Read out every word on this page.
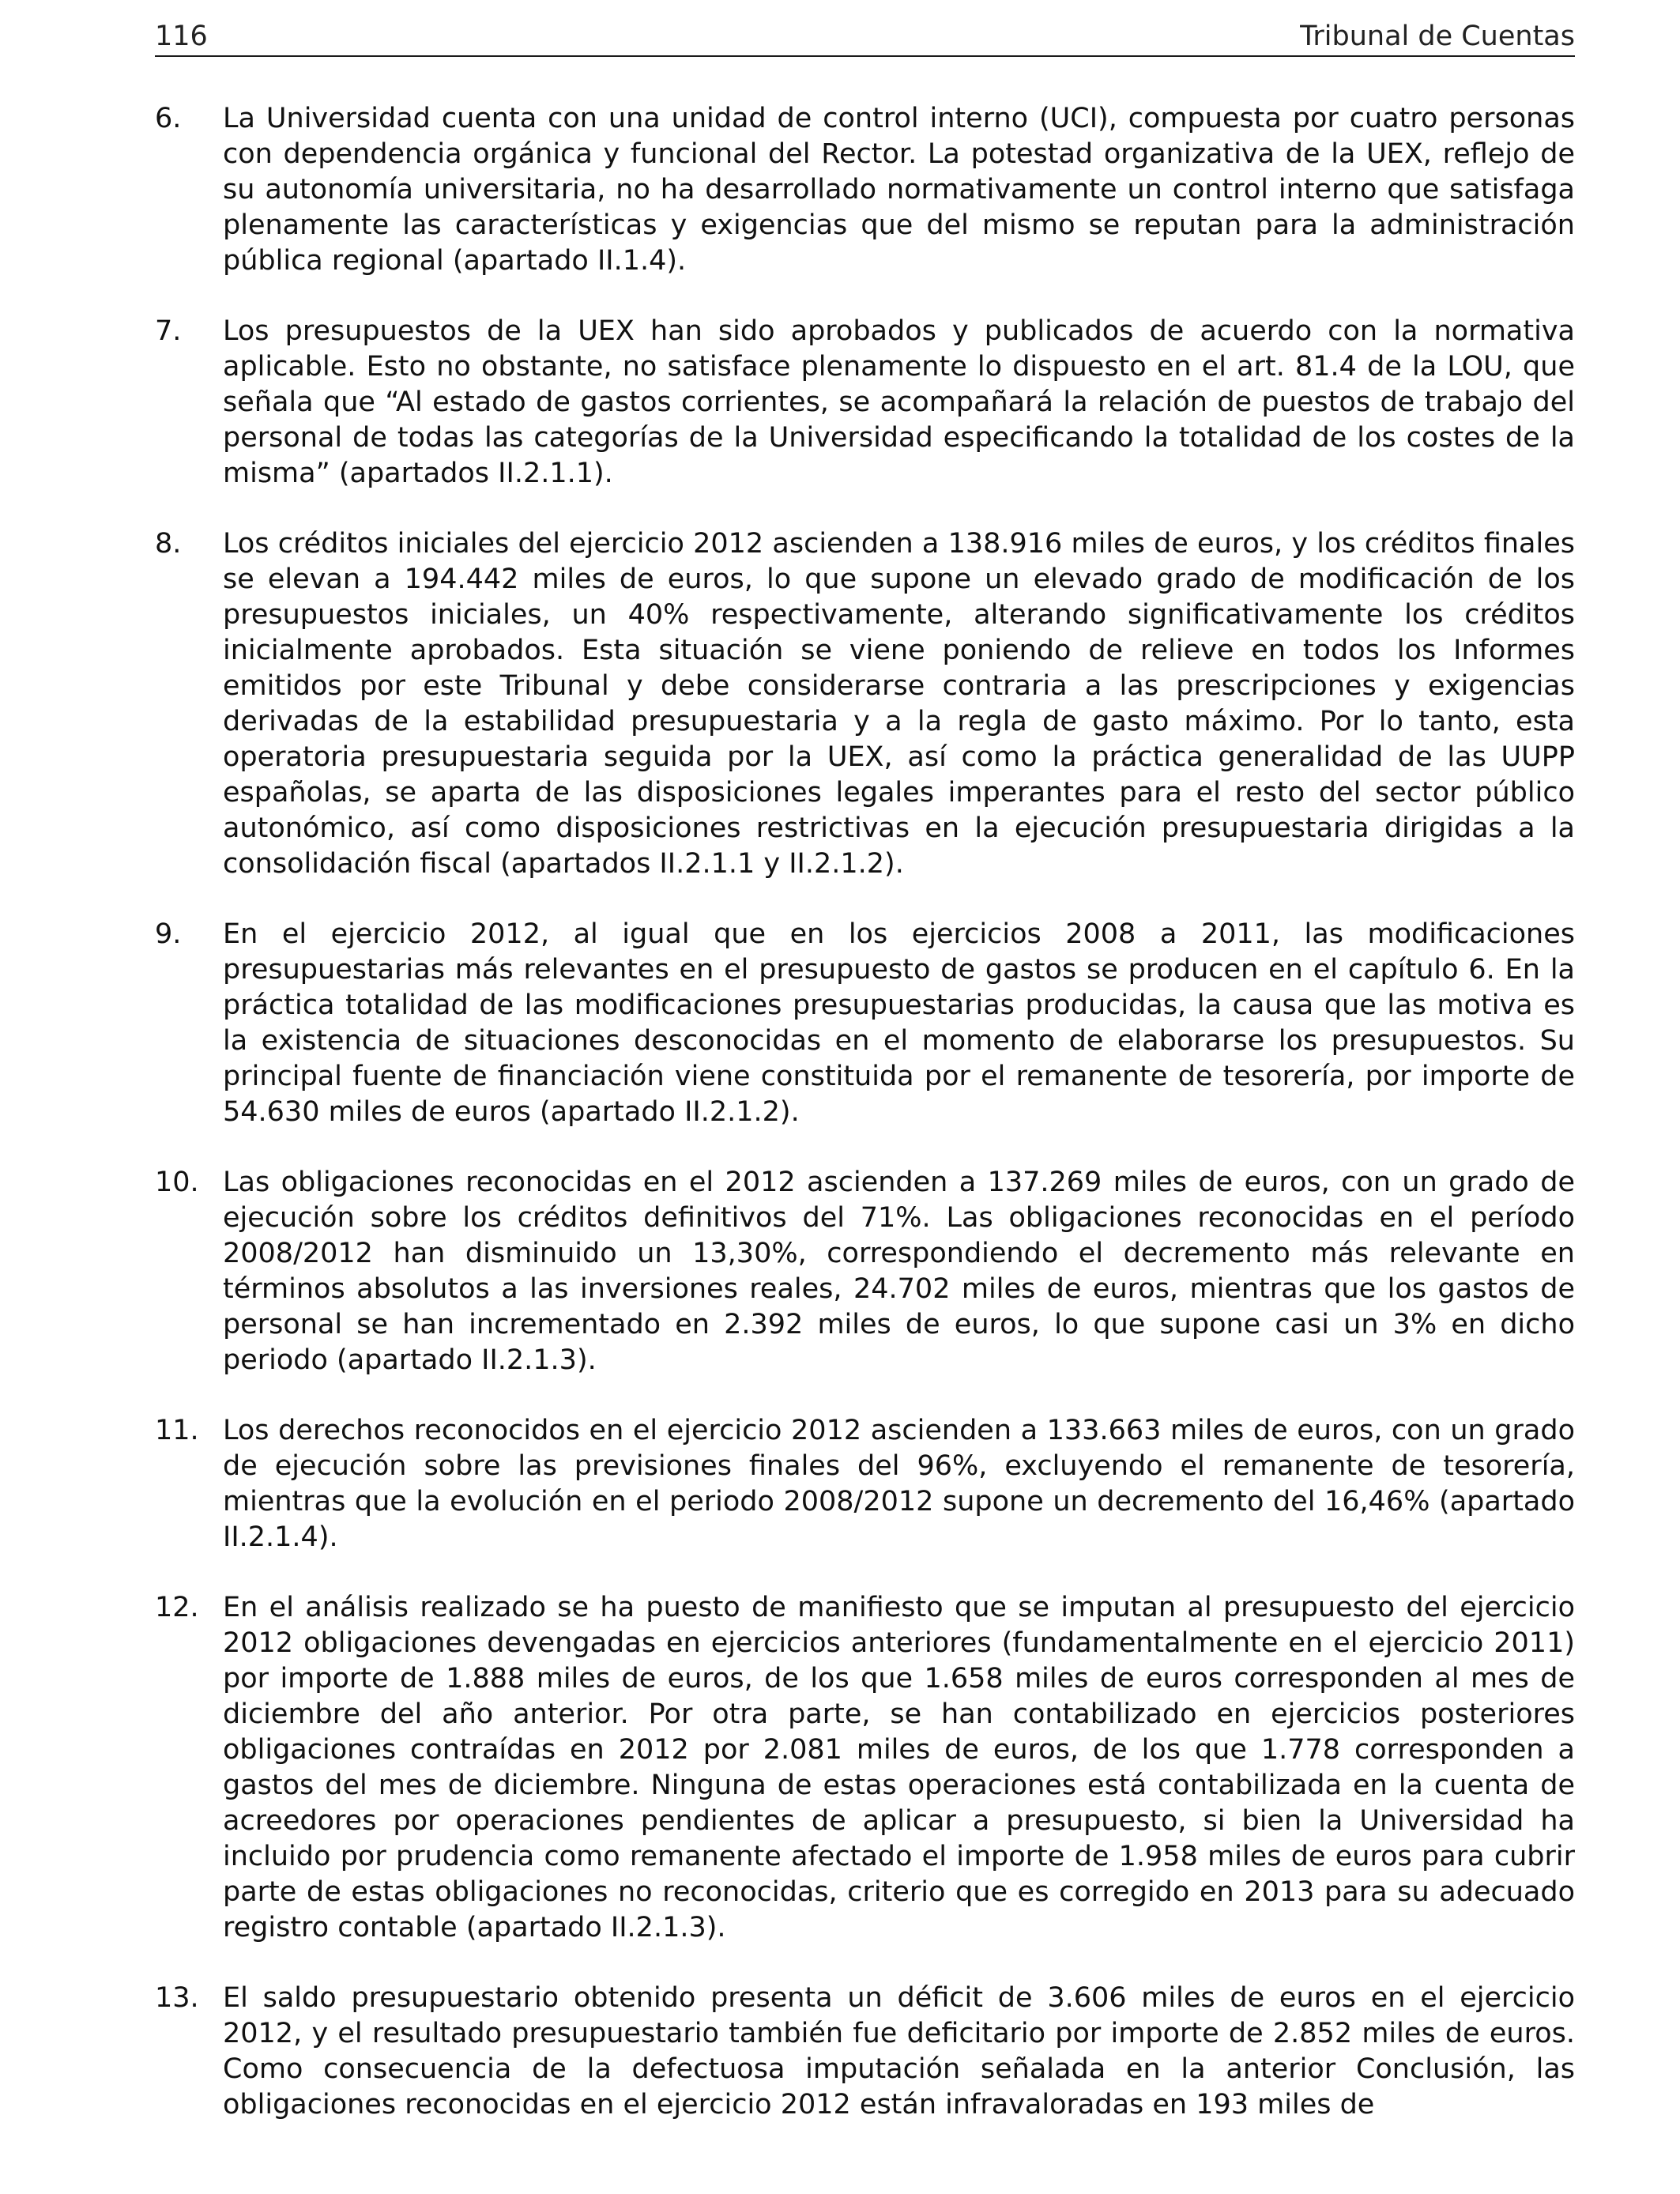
116	Tribunal de Cuentas
6. La Universidad cuenta con una unidad de control interno (UCI), compuesta por cuatro personas con dependencia orgánica y funcional del Rector. La potestad organizativa de la UEX, reflejo de su autonomía universitaria, no ha desarrollado normativamente un control interno que satisfaga plenamente las características y exigencias que del mismo se reputan para la administración pública regional (apartado II.1.4).

7. Los presupuestos de la UEX han sido aprobados y publicados de acuerdo con la normativa aplicable. Esto no obstante, no satisface plenamente lo dispuesto en el art. 81.4 de la LOU, que señala que “Al estado de gastos corrientes, se acompañará la relación de puestos de trabajo del personal de todas las categorías de la Universidad especificando la totalidad de los costes de la misma” (apartados II.2.1.1).

8. Los créditos iniciales del ejercicio 2012 ascienden a 138.916 miles de euros, y los créditos finales se elevan a 194.442 miles de euros, lo que supone un elevado grado de modificación de los presupuestos iniciales, un 40% respectivamente, alterando significativamente los créditos inicialmente aprobados. Esta situación se viene poniendo de relieve en todos los Informes emitidos por este Tribunal y debe considerarse contraria a las prescripciones y exigencias derivadas de la estabilidad presupuestaria y a la regla de gasto máximo. Por lo tanto, esta operatoria presupuestaria seguida por la UEX, así como la práctica generalidad de las UUPP españolas, se aparta de las disposiciones legales imperantes para el resto del sector público autonómico, así como disposiciones restrictivas en la ejecución presupuestaria dirigidas a la consolidación fiscal (apartados II.2.1.1 y II.2.1.2).

9. En el ejercicio 2012, al igual que en los ejercicios 2008 a 2011, las modificaciones presupuestarias más relevantes en el presupuesto de gastos se producen en el capítulo 6. En la práctica totalidad de las modificaciones presupuestarias producidas, la causa que las motiva es la existencia de situaciones desconocidas en el momento de elaborarse los presupuestos. Su principal fuente de financiación viene constituida por el remanente de tesorería, por importe de 54.630 miles de euros (apartado II.2.1.2).

10. Las obligaciones reconocidas en el 2012 ascienden a 137.269 miles de euros, con un grado de ejecución sobre los créditos definitivos del 71%. Las obligaciones reconocidas en el período 2008/2012 han disminuido un 13,30%, correspondiendo el decremento más relevante en términos absolutos a las inversiones reales, 24.702 miles de euros, mientras que los gastos de personal se han incrementado en 2.392 miles de euros, lo que supone casi un 3% en dicho periodo (apartado II.2.1.3).

11. Los derechos reconocidos en el ejercicio 2012 ascienden a 133.663 miles de euros, con un grado de ejecución sobre las previsiones finales del 96%, excluyendo el remanente de tesorería, mientras que la evolución en el periodo 2008/2012 supone un decremento del 16,46% (apartado II.2.1.4).

12. En el análisis realizado se ha puesto de manifiesto que se imputan al presupuesto del ejercicio 2012 obligaciones devengadas en ejercicios anteriores (fundamentalmente en el ejercicio 2011) por importe de 1.888 miles de euros, de los que 1.658 miles de euros corresponden al mes de diciembre del año anterior. Por otra parte, se han contabilizado en ejercicios posteriores obligaciones contraídas en 2012 por 2.081 miles de euros, de los que 1.778 corresponden a gastos del mes de diciembre. Ninguna de estas operaciones está contabilizada en la cuenta de acreedores por operaciones pendientes de aplicar a presupuesto, si bien la Universidad ha incluido por prudencia como remanente afectado el importe de 1.958 miles de euros para cubrir parte de estas obligaciones no reconocidas, criterio que es corregido en 2013 para su adecuado registro contable (apartado II.2.1.3).

13. El saldo presupuestario obtenido presenta un déficit de 3.606 miles de euros en el ejercicio 2012, y el resultado presupuestario también fue deficitario por importe de 2.852 miles de euros. Como consecuencia de la defectuosa imputación señalada en la anterior Conclusión, las obligaciones reconocidas en el ejercicio 2012 están infravaloradas en 193 miles de
